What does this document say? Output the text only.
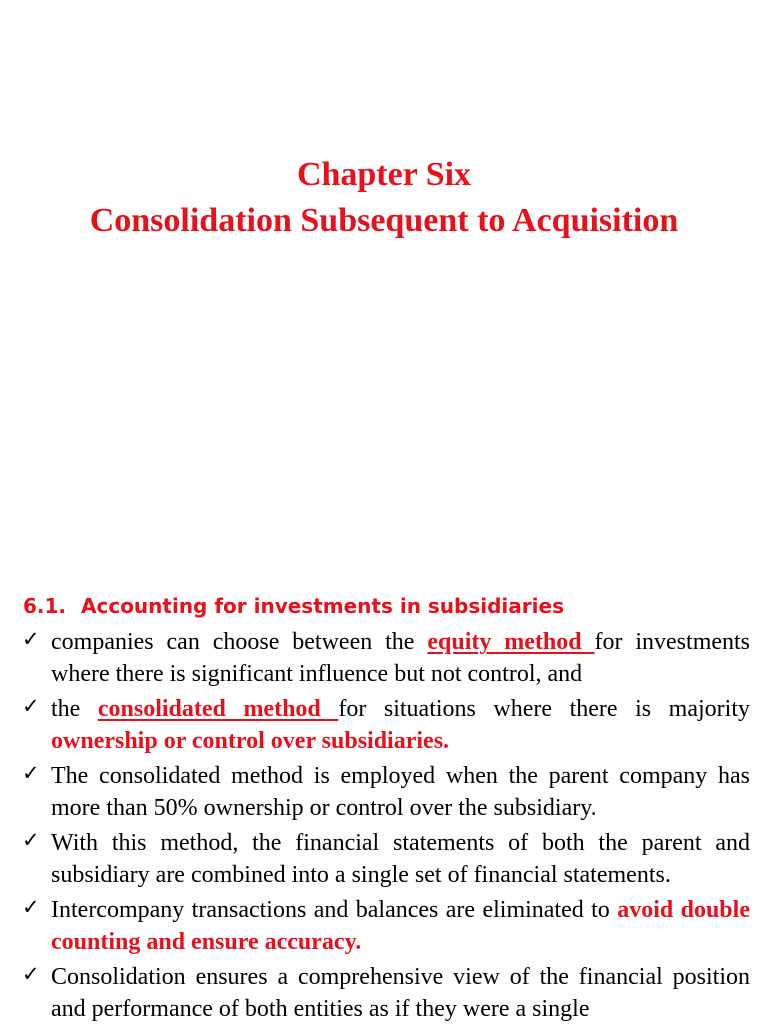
Chapter Six
Consolidation Subsequent to Acquisition
6.1. Accounting for investments in subsidiaries
✓ companies can choose between the equity method for investments where there is significant influence but not control, and
✓ the consolidated method for situations where there is majority ownership or control over subsidiaries.
✓ The consolidated method is employed when the parent company has more than 50% ownership or control over the subsidiary.
✓ With this method, the financial statements of both the parent and subsidiary are combined into a single set of financial statements.
✓ Intercompany transactions and balances are eliminated to avoid double counting and ensure accuracy.
✓ Consolidation ensures a comprehensive view of the financial position and performance of both entities as if they were a single
